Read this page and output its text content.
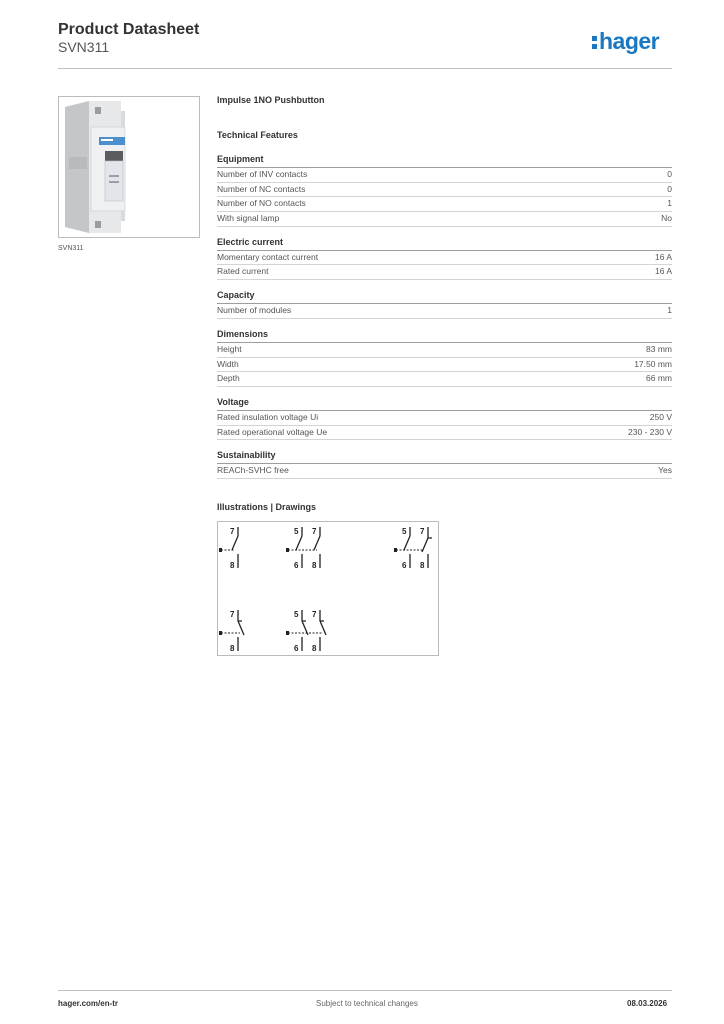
Product Datasheet
SVN311	hager
SVN311
Impulse 1NO Pushbutton
Technical Features
Equipment
Number of INV contacts	0
Number of NC contacts	0
Number of NO contacts	1
With signal lamp	No
Electric current
Momentary contact current	16 A
Rated current	16 A
Capacity
Number of modules	1
Dimensions
Height	83 mm
Width	17.50 mm
Depth	66 mm
Voltage
Rated insulation voltage Ui	250 V
Rated operational voltage Ue	230 - 230 V
Sustainability
REACh-SVHC free	Yes
Illustrations | Drawings
7
8
5 7
6 8
5 7
6 8
7
8
5 7
6 8
hager.com/en-tr	Subject to technical changes	08.03.2026
